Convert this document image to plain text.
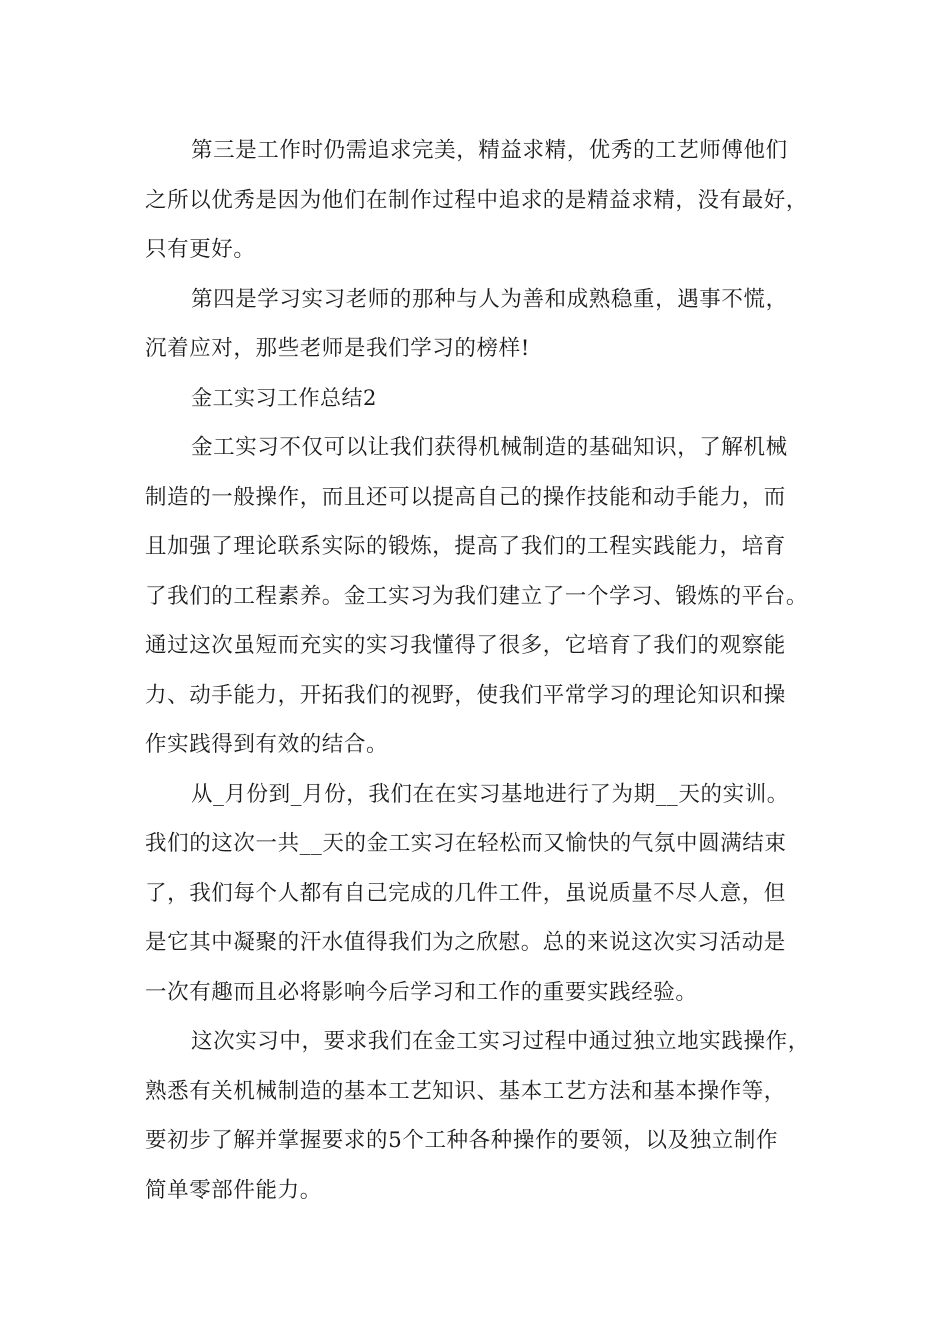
第三是工作时仍需追求完美，精益求精，优秀的工艺师傅他们
之所以优秀是因为他们在制作过程中追求的是精益求精，没有最好，
只有更好。
第四是学习实习老师的那种与人为善和成熟稳重，遇事不慌，
沉着应对，那些老师是我们学习的榜样!
金工实习工作总结2
金工实习不仅可以让我们获得机械制造的基础知识，了解机械
制造的一般操作，而且还可以提高自己的操作技能和动手能力，而
且加强了理论联系实际的锻炼，提高了我们的工程实践能力，培育
了我们的工程素养。金工实习为我们建立了一个学习、锻炼的平台。
通过这次虽短而充实的实习我懂得了很多，它培育了我们的观察能
力、动手能力，开拓我们的视野，使我们平常学习的理论知识和操
作实践得到有效的结合。
从_月份到_月份，我们在在实习基地进行了为期__天的实训。
我们的这次一共__天的金工实习在轻松而又愉快的气氛中圆满结束
了，我们每个人都有自己完成的几件工件，虽说质量不尽人意，但
是它其中凝聚的汗水值得我们为之欣慰。总的来说这次实习活动是
一次有趣而且必将影响今后学习和工作的重要实践经验。
这次实习中，要求我们在金工实习过程中通过独立地实践操作，
熟悉有关机械制造的基本工艺知识、基本工艺方法和基本操作等，
要初步了解并掌握要求的5个工种各种操作的要领，以及独立制作
简单零部件能力。
